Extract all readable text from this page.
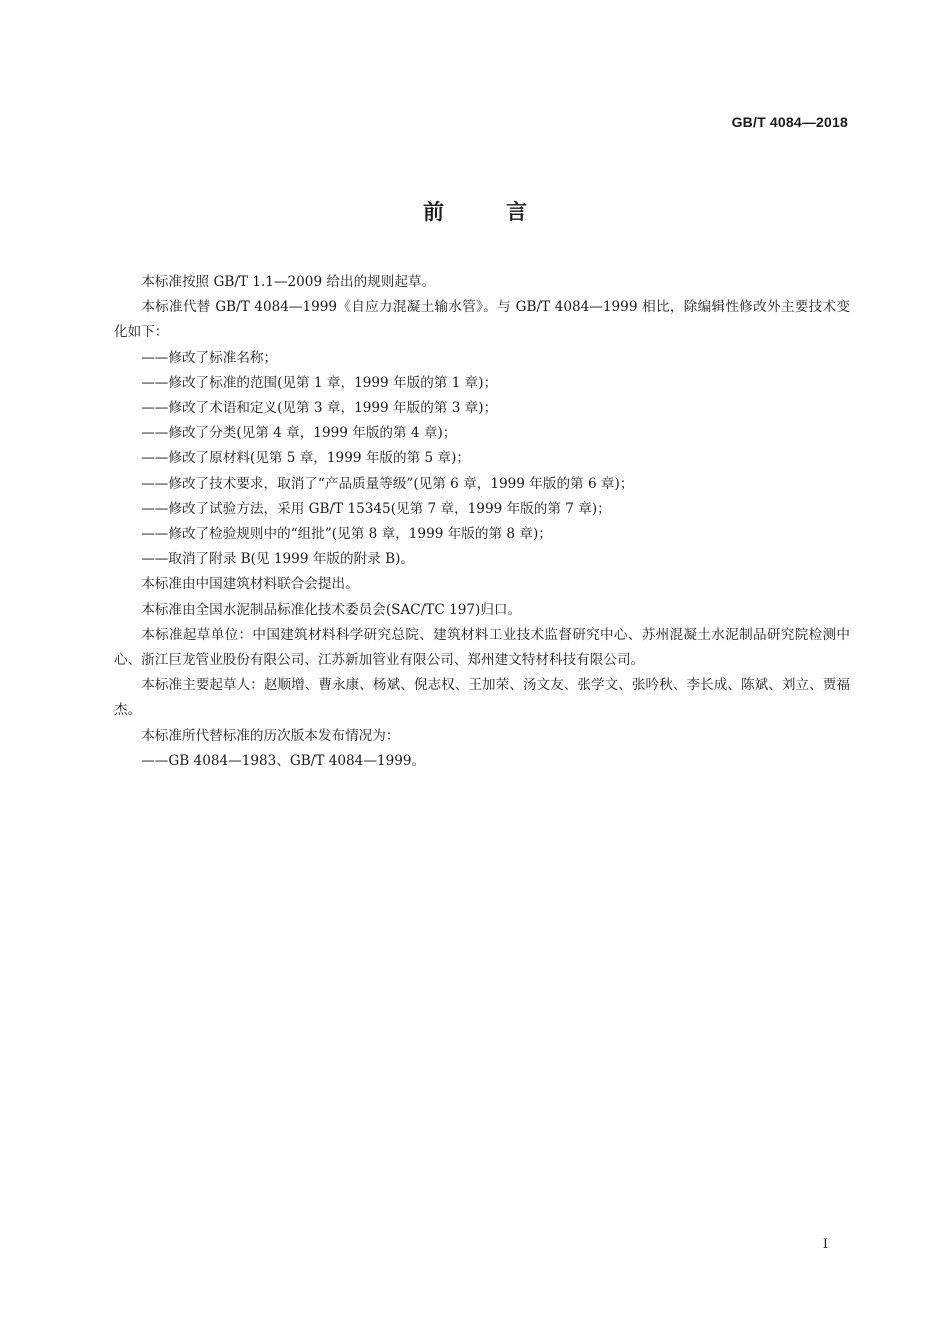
GB/T 4084—2018
前言

本标准按照 GB/T 1.1—2009 给出的规则起草。

本标准代替 GB/T 4084—1999《自应力混凝土输水管》。与 GB/T 4084—1999 相比，除编辑性修改外主要技术变化如下：

——修改了标准名称；

——修改了标准的范围(见第 1 章，1999 年版的第 1 章)；

——修改了术语和定义(见第 3 章，1999 年版的第 3 章)；

——修改了分类(见第 4 章，1999 年版的第 4 章)；

——修改了原材料(见第 5 章，1999 年版的第 5 章)；

——修改了技术要求，取消了“产品质量等级”(见第 6 章，1999 年版的第 6 章)；

——修改了试验方法，采用 GB/T 15345(见第 7 章，1999 年版的第 7 章)；

——修改了检验规则中的“组批”(见第 8 章，1999 年版的第 8 章)；

——取消了附录 B(见 1999 年版的附录 B)。

本标准由中国建筑材料联合会提出。

本标准由全国水泥制品标准化技术委员会(SAC/TC 197)归口。

本标准起草单位：中国建筑材料科学研究总院、建筑材料工业技术监督研究中心、苏州混凝土水泥制品研究院检测中心、浙江巨龙管业股份有限公司、江苏新加管业有限公司、郑州建文特材科技有限公司。

本标准主要起草人：赵顺增、曹永康、杨斌、倪志权、王加荣、汤文友、张学文、张吟秋、李长成、陈斌、刘立、贾福杰。

本标准所代替标准的历次版本发布情况为：

——GB 4084—1983、GB/T 4084—1999。

I
